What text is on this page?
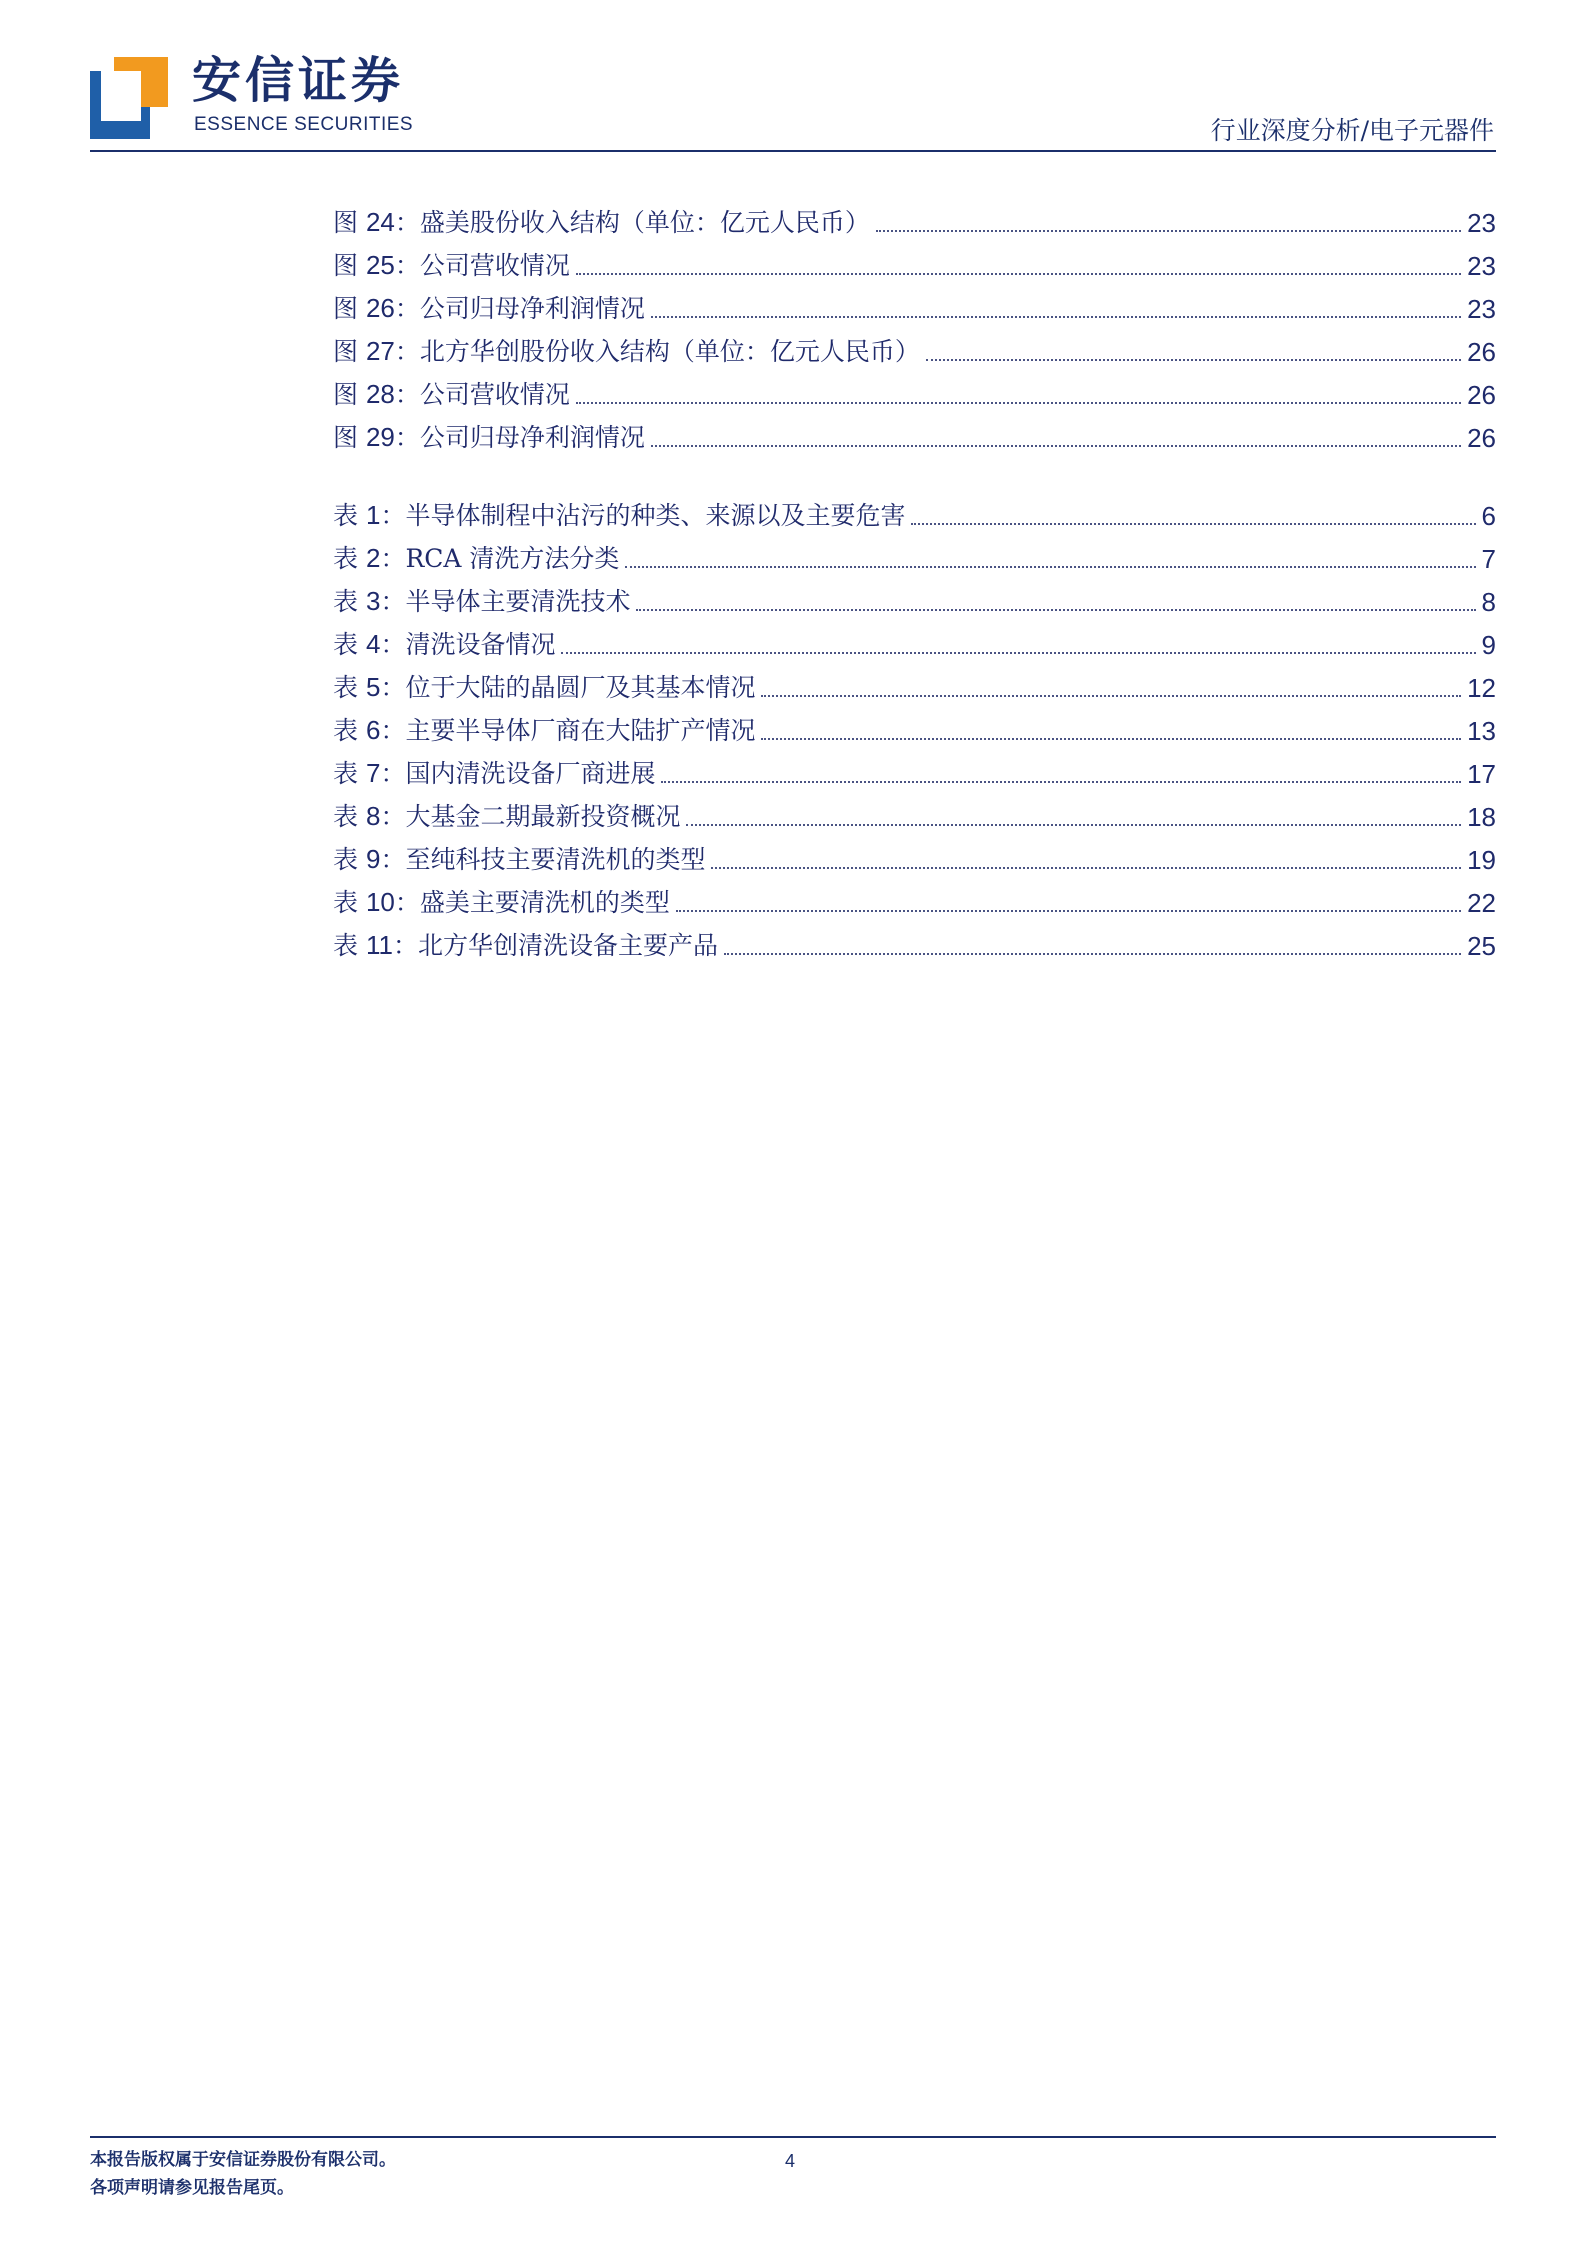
安信证券
ESSENCE SECURITIES	行业深度分析/电子元器件
图 24：盛美股份收入结构（单位：亿元人民币）	23
图 25：公司营收情况	23
图 26：公司归母净利润情况	23
图 27：北方华创股份收入结构（单位：亿元人民币）	26
图 28：公司营收情况	26
图 29：公司归母净利润情况	26
表 1：半导体制程中沾污的种类、来源以及主要危害	6
表 2：RCA 清洗方法分类	7
表 3：半导体主要清洗技术	8
表 4：清洗设备情况	9
表 5：位于大陆的晶圆厂及其基本情况	12
表 6：主要半导体厂商在大陆扩产情况	13
表 7：国内清洗设备厂商进展	17
表 8：大基金二期最新投资概况	18
表 9：至纯科技主要清洗机的类型	19
表 10：盛美主要清洗机的类型	22
表 11：北方华创清洗设备主要产品	25
本报告版权属于安信证券股份有限公司。
各项声明请参见报告尾页。
4
